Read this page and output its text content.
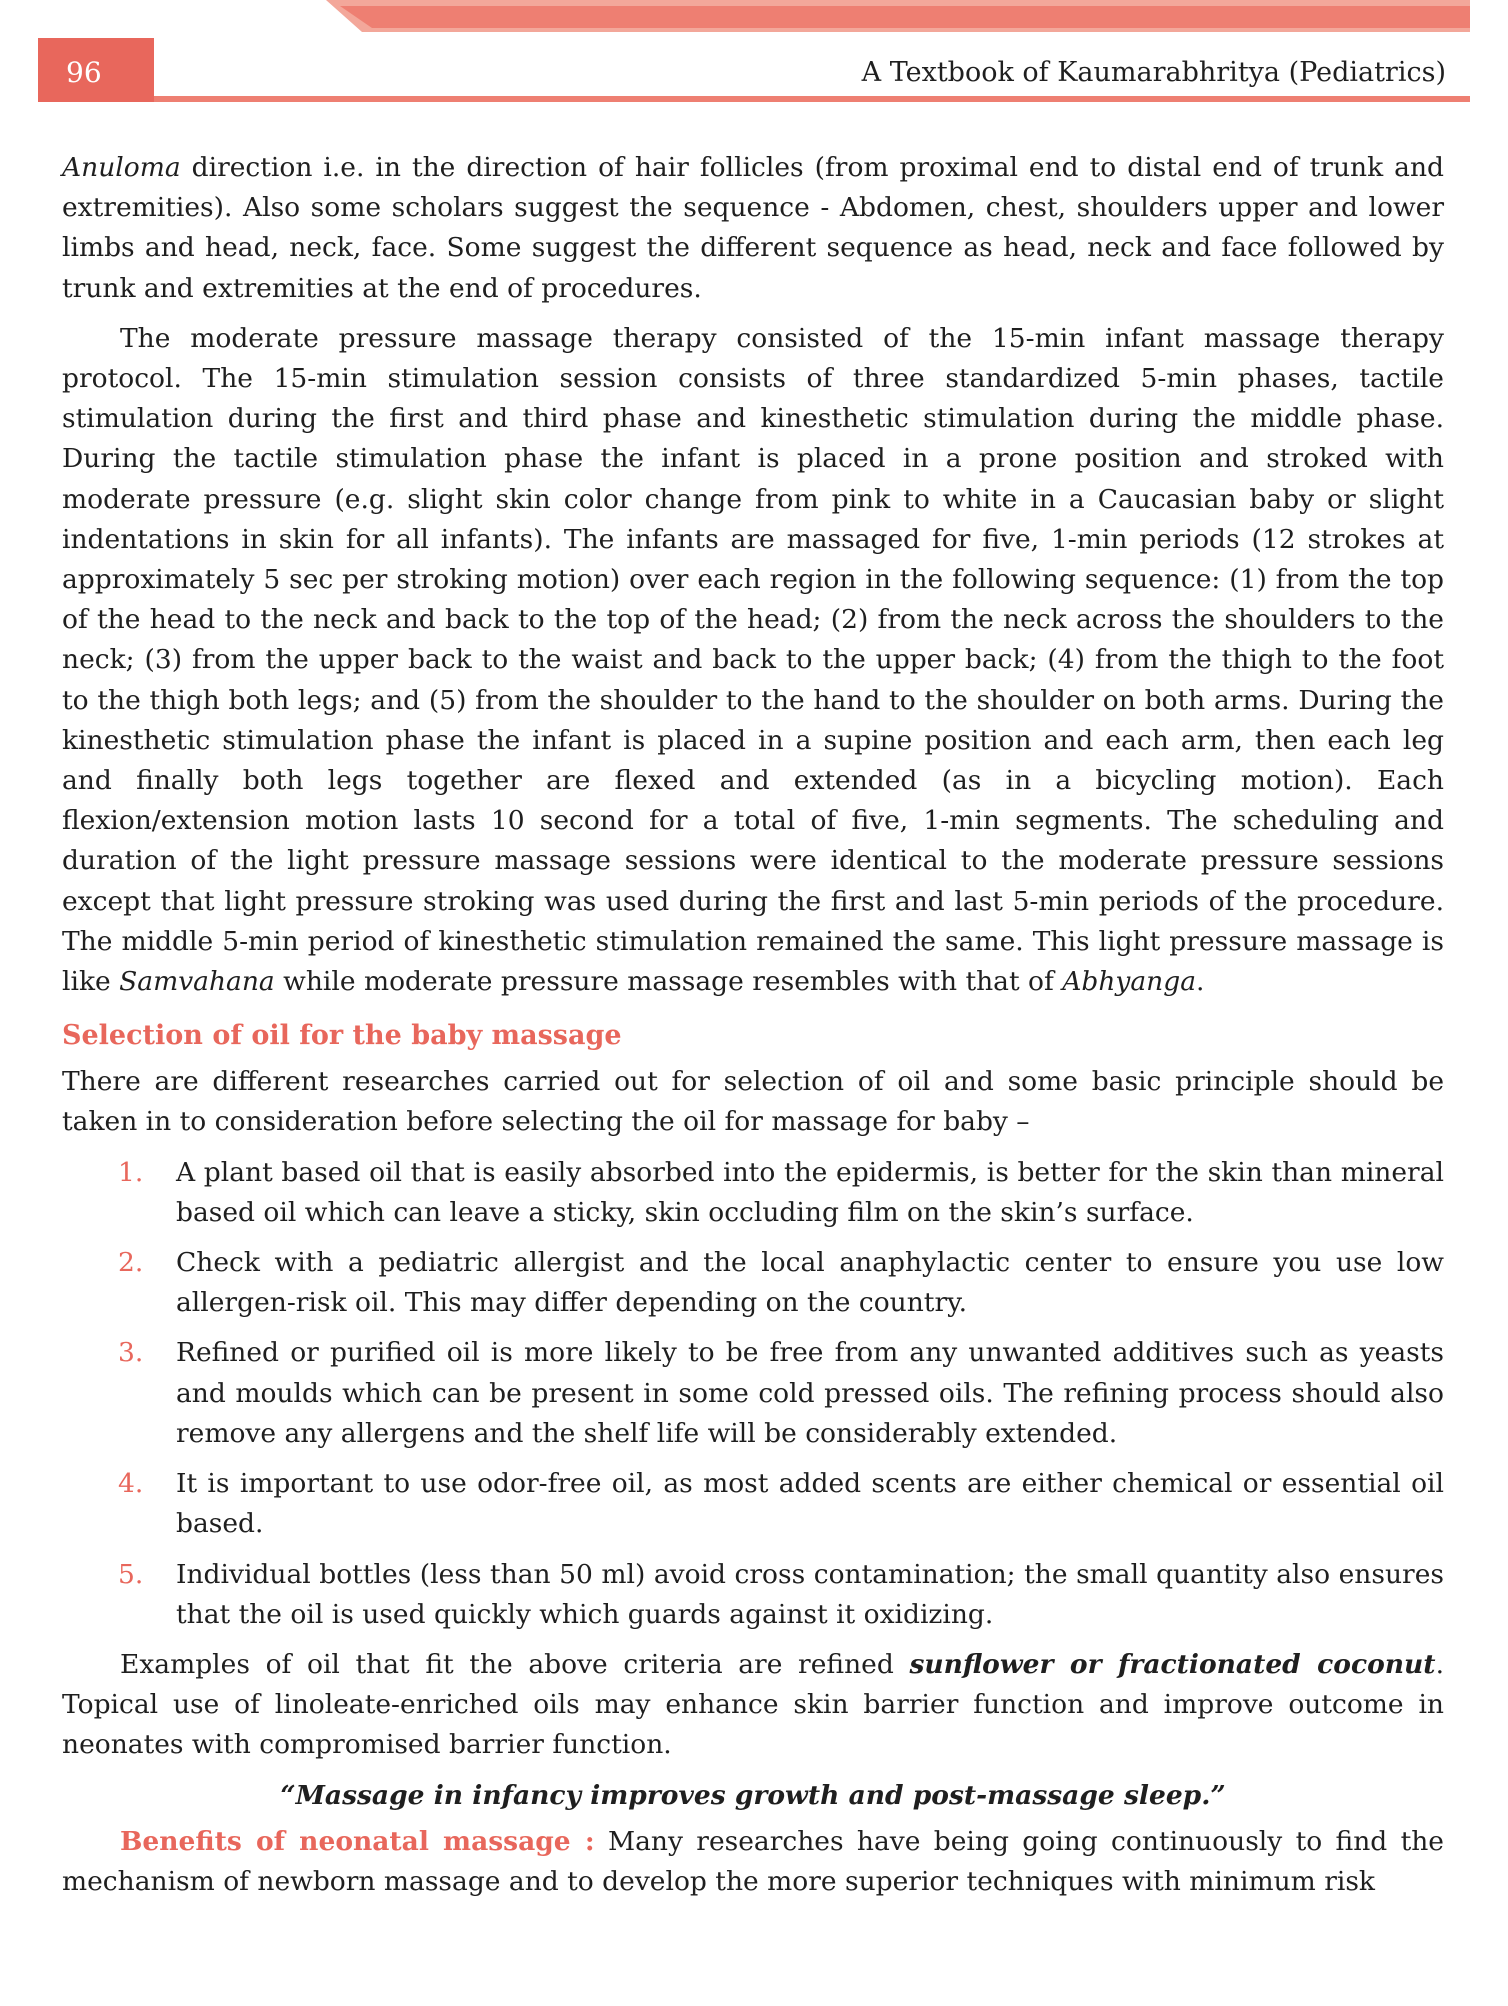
96	A Textbook of Kaumarabhritya (Pediatrics)

Anuloma direction i.e. in the direction of hair follicles (from proximal end to distal end of trunk and extremities). Also some scholars suggest the sequence - Abdomen, chest, shoulders upper and lower limbs and head, neck, face. Some suggest the different sequence as head, neck and face followed by trunk and extremities at the end of procedures.

The moderate pressure massage therapy consisted of the 15-min infant massage therapy protocol. The 15-min stimulation session consists of three standardized 5-min phases, tactile stimulation during the first and third phase and kinesthetic stimulation during the middle phase. During the tactile stimulation phase the infant is placed in a prone position and stroked with moderate pressure (e.g. slight skin color change from pink to white in a Caucasian baby or slight indentations in skin for all infants). The infants are massaged for five, 1-min periods (12 strokes at approximately 5 sec per stroking motion) over each region in the following sequence: (1) from the top of the head to the neck and back to the top of the head; (2) from the neck across the shoulders to the neck; (3) from the upper back to the waist and back to the upper back; (4) from the thigh to the foot to the thigh both legs; and (5) from the shoulder to the hand to the shoulder on both arms. During the kinesthetic stimulation phase the infant is placed in a supine position and each arm, then each leg and finally both legs together are flexed and extended (as in a bicycling motion). Each flexion/extension motion lasts 10 second for a total of five, 1-min segments. The scheduling and duration of the light pressure massage sessions were identical to the moderate pressure sessions except that light pressure stroking was used during the first and last 5-min periods of the procedure. The middle 5-min period of kinesthetic stimulation remained the same. This light pressure massage is like Samvahana while moderate pressure massage resembles with that of Abhyanga.

Selection of oil for the baby massage

There are different researches carried out for selection of oil and some basic principle should be taken in to consideration before selecting the oil for massage for baby –

1. A plant based oil that is easily absorbed into the epidermis, is better for the skin than mineral based oil which can leave a sticky, skin occluding film on the skin’s surface.
2. Check with a pediatric allergist and the local anaphylactic center to ensure you use low allergen-risk oil. This may differ depending on the country.
3. Refined or purified oil is more likely to be free from any unwanted additives such as yeasts and moulds which can be present in some cold pressed oils. The refining process should also remove any allergens and the shelf life will be considerably extended.
4. It is important to use odor-free oil, as most added scents are either chemical or essential oil based.
5. Individual bottles (less than 50 ml) avoid cross contamination; the small quantity also ensures that the oil is used quickly which guards against it oxidizing.

Examples of oil that fit the above criteria are refined sunflower or fractionated coconut. Topical use of linoleate-enriched oils may enhance skin barrier function and improve outcome in neonates with compromised barrier function.

“Massage in infancy improves growth and post-massage sleep.”

Benefits of neonatal massage : Many researches have being going continuously to find the mechanism of newborn massage and to develop the more superior techniques with minimum risk
